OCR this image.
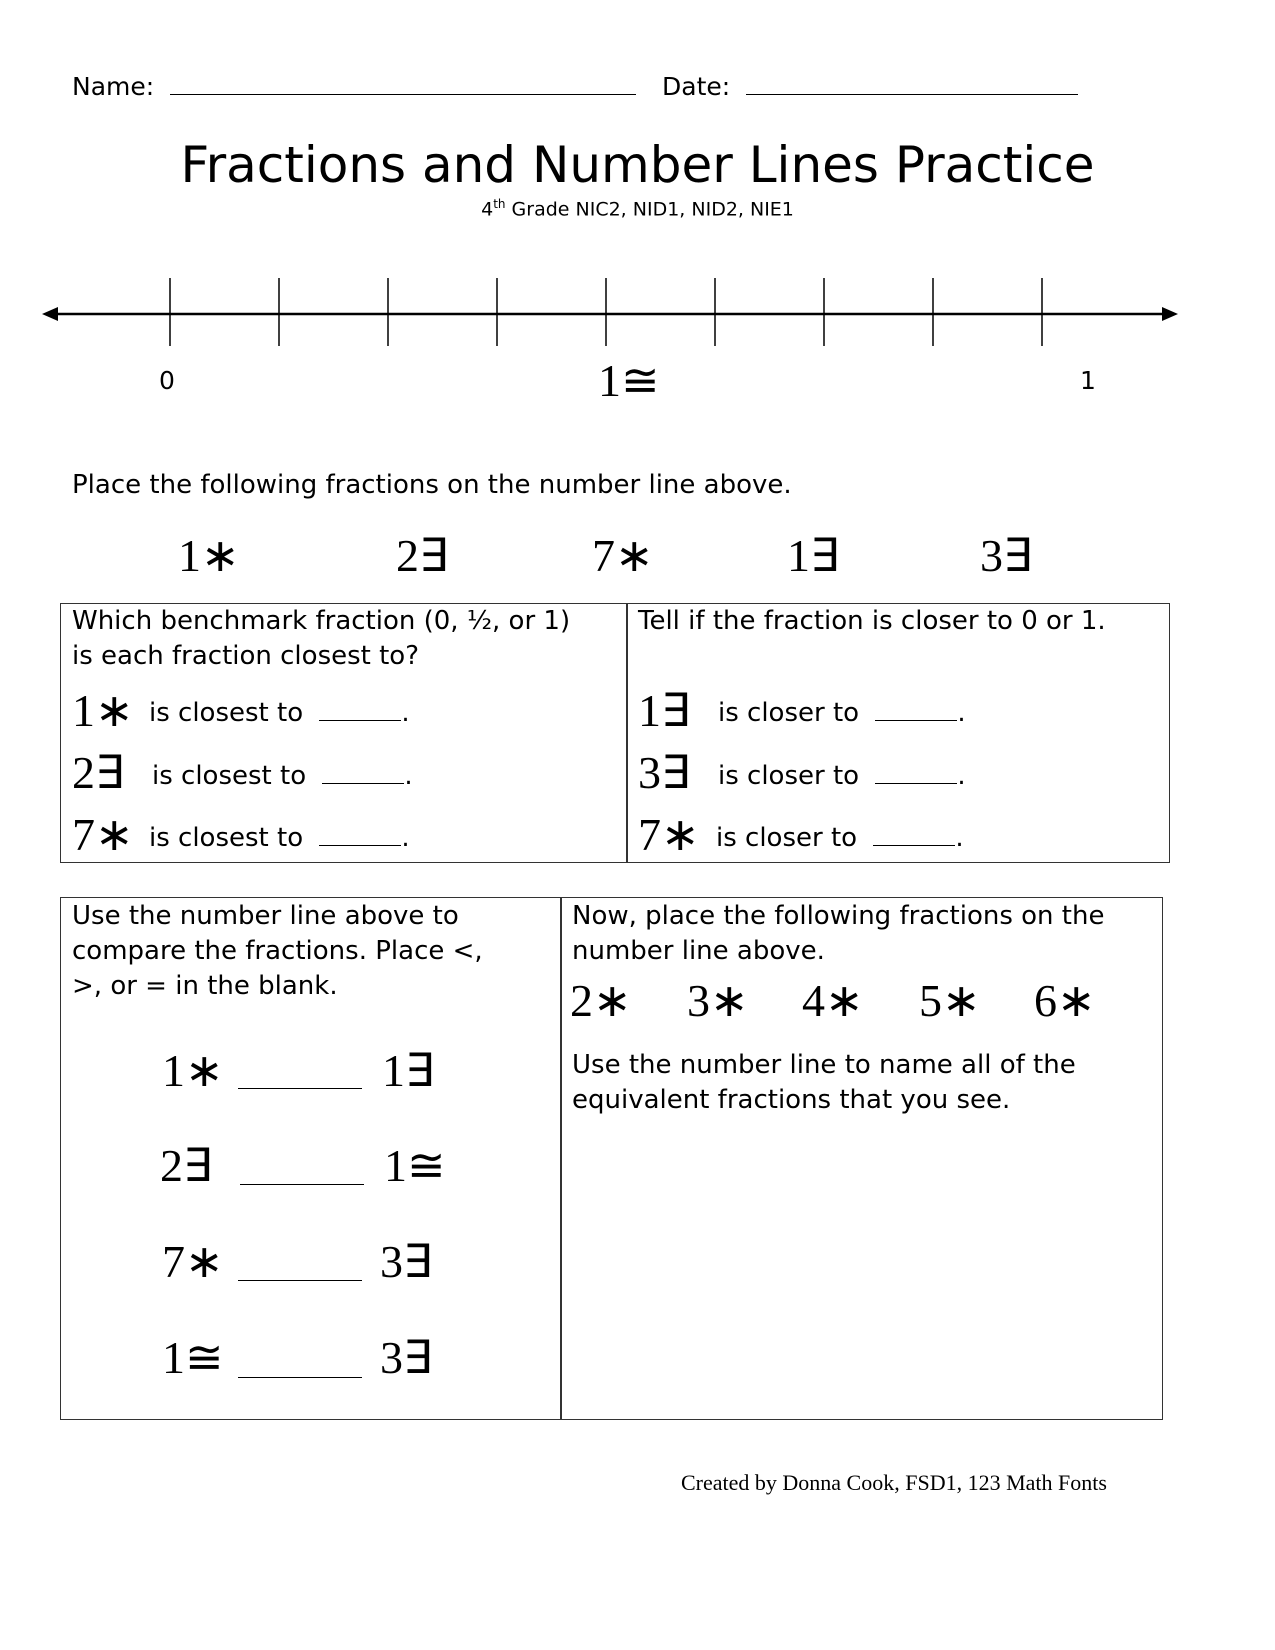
Name:	Date:
Fractions and Number Lines Practice
4th Grade NIC2, NID1, NID2, NIE1
0	1≅	1
Place the following fractions on the number line above.
1∗	2∃	7∗	1∃	3∃
Which benchmark fraction (0, ½, or 1)
is each fraction closest to?
1∗ is closest to	.
2∃ is closest to	.
7∗ is closest to	.
Tell if the fraction is closer to 0 or 1.
1∃ is closer to	.
3∃ is closer to	.
7∗ is closer to	.
Use the number line above to
compare the fractions. Place <,
>, or = in the blank.
1∗	1∃
2∃	1≅
7∗	3∃
1≅	3∃
Now, place the following fractions on the
number line above.
2∗ 3∗ 4∗ 5∗ 6∗
Use the number line to name all of the
equivalent fractions that you see.
Created by Donna Cook, FSD1, 123 Math Fonts
